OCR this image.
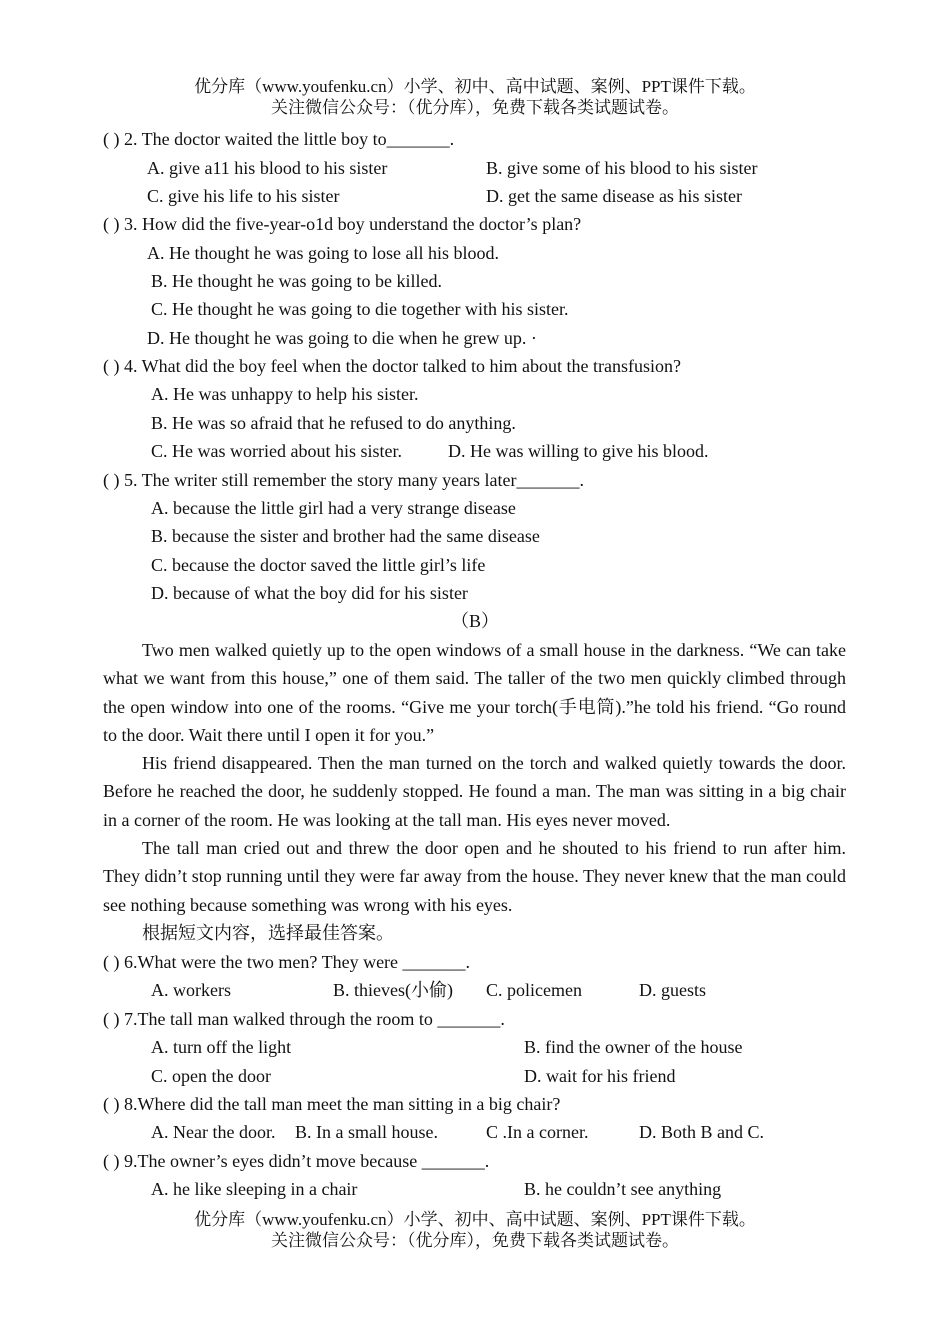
优分库（www.youfenku.cn）小学、初中、高中试题、案例、PPT课件下载。
关注微信公众号：（优分库），免费下载各类试题试卷。
( ) 2. The doctor waited the little boy to_______.
A. give a11 his blood to his sister	B. give some of his blood to his sister
C. give his life to his sister	D. get the same disease as his sister
( ) 3. How did the five-year-o1d boy understand the doctor’s plan?
A. He thought he was going to lose all his blood.
B. He thought he was going to be killed.
C. He thought he was going to die together with his sister.
D. He thought he was going to die when he grew up. ·
( ) 4. What did the boy feel when the doctor talked to him about the transfusion?
A. He was unhappy to help his sister.
B. He was so afraid that he refused to do anything.
C. He was worried about his sister.	D. He was willing to give his blood.
( ) 5. The writer still remember the story many years later_______.
A. because the little girl had a very strange disease
B. because the sister and brother had the same disease
C. because the doctor saved the little girl’s life
D. because of what the boy did for his sister
（B）
Two men walked quietly up to the open windows of a small house in the darkness. “We can take what we want from this house,” one of them said. The taller of the two men quickly climbed through the open window into one of the rooms. “Give me your torch(手电筒).”he told his friend. “Go round to the door. Wait there until I open it for you.”
His friend disappeared. Then the man turned on the torch and walked quietly towards the door. Before he reached the door, he suddenly stopped. He found a man. The man was sitting in a big chair in a corner of the room. He was looking at the tall man. His eyes never moved.
The tall man cried out and threw the door open and he shouted to his friend to run after him. They didn’t stop running until they were far away from the house. They never knew that the man could see nothing because something was wrong with his eyes.
根据短文内容，选择最佳答案。
( ) 6.What were the two men? They were _______.
A. workers	B. thieves(小偷) C. policemen	D. guests
( ) 7.The tall man walked through the room to _______.
A. turn off the light	B. find the owner of the house
C. open the door	D. wait for his friend
( ) 8.Where did the tall man meet the man sitting in a big chair?
A. Near the door. B. In a small house.	C .In a corner.	D. Both B and C.
( ) 9.The owner’s eyes didn’t move because _______.
A. he like sleeping in a chair	B. he couldn’t see anything
优分库（www.youfenku.cn）小学、初中、高中试题、案例、PPT课件下载。
关注微信公众号：（优分库），免费下载各类试题试卷。
